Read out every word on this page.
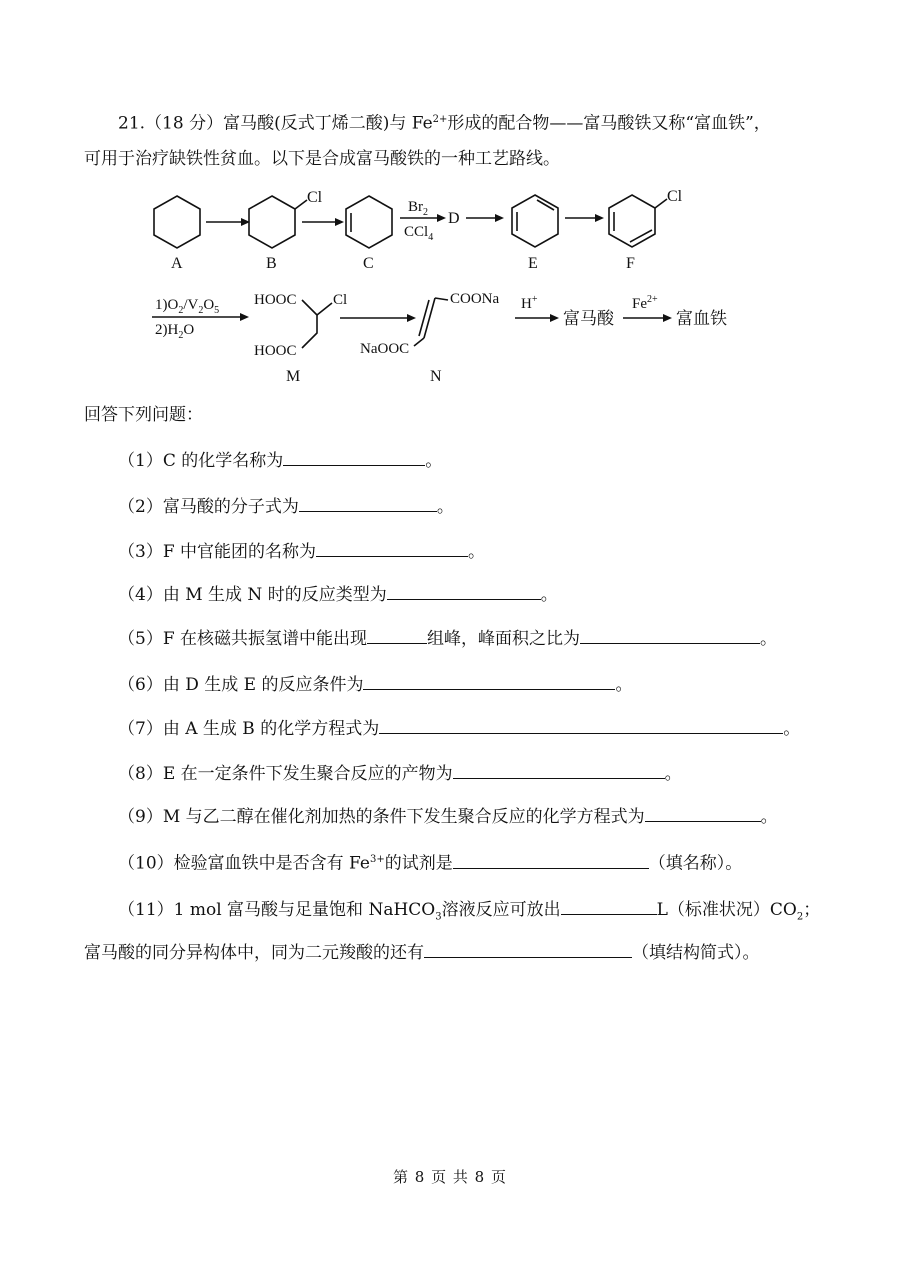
21.（18 分）富马酸(反式丁烯二酸)与 $Fe^{2+}$形成的配合物——富马酸铁又称“富血铁”，
可用于治疗缺铁性贫血。以下是合成富马酸铁的一种工艺路线。
A	B	C	E	F
D
Cl	Cl
$Br_2$
CCl$_4$
$1)O_2/V_2O_5$
$2)H_2O$
HOOC Cl
HOOC
M
COONa
NaOOC
N
H+
富马酸
$Fe^{2+}$
富血铁
回答下列问题：
（1）C 的化学名称为	。
（2）富马酸的分子式为	。
（3）F 中官能团的名称为	。
（4）由 M 生成 N 时的反应类型为	。
（5）F 在核磁共振氢谱中能出现	组峰，峰面积之比为	。
（6）由 D 生成 E 的反应条件为	。
（7）由 A 生成 B 的化学方程式为	。
（8）E 在一定条件下发生聚合反应的产物为	。
（9）M 与乙二醇在催化剂加热的条件下发生聚合反应的化学方程式为	。
（10）检验富血铁中是否含有 $Fe^{3+}$的试剂是	（填名称）。
（11）1 mol 富马酸与足量饱和 NaHCO$_3$溶液反应可放出	L（标准状况）$CO_2$；
富马酸的同分异构体中，同为二元羧酸的还有	（填结构简式）。
第 8 页 共 8 页
